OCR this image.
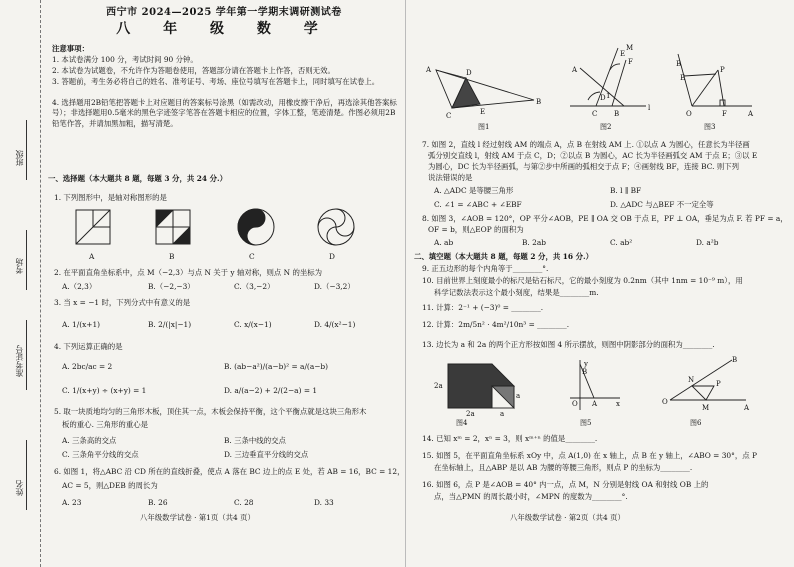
班级
考场
准考证号
姓名
西宁市 2024—2025 学年第一学期末调研测试卷
八 年 级 数 学
注意事项：
1. 本试卷满分 100 分，考试时间 90 分钟。
2. 本试卷为试题卷，不允许作为答题卷使用，答题部分请在答题卡上作答，否则无效。
3. 答题前，考生务必将自己的姓名、准考证号、考场、座位号填写在答题卡上，同时填写在试卷上。
4. 选择题用2B铅笔把答题卡上对应题目的答案标号涂黑（如需改动，用橡皮擦干净后，再选涂其他答案标号）；非选择题用0.5毫米的黑色字迹签字笔答在答题卡相应的位置，字体工整，笔迹清楚。作图必须用2B铅笔作答，并请加黑加粗，描写清楚。
一、选择题（本大题共 8 题，每题 3 分，共 24 分.）
1. 下列图形中，是轴对称图形的是
A	B	C	D
2. 在平面直角坐标系中，点 M（−2,3）与点 N 关于 y 轴对称，则点 N 的坐标为
A.（2,3）	B.（−2,−3）	C.（3,−2）	D.（−3,2）
3. 当 x = −1 时，下列分式中有意义的是
A. 1/(x+1)	B. 2/(|x|−1)	C. x/(x−1)	D. 4/(x²−1)
4. 下列运算正确的是
A. 2bc/ac = 2	B. (ab−a²)/(a−b)² = a/(a−b)
C. 1/(x+y) ÷ (x+y) = 1	D. a/(a−2) + 2/(2−a) = 1
5. 取一块质地均匀的三角形木板，顶住其一点，木板会保持平衡，这个平衡点就是这块三角形木
板的重心. 三角形的重心是
A. 三条高的交点	B. 三条中线的交点
C. 三条角平分线的交点	D. 三边垂直平分线的交点
6. 如图 1，将△ABC 沿 CD 所在的直线折叠，使点 A 落在 BC 边上的点 E 处，若 AB = 16，BC = 12，
AC = 5，则△DEB 的周长为
A. 23	B. 26	C. 28	D. 33
八年级数学试卷 · 第1页（共4 页）
A	D
C	E
B
A
C
D
B
E
M
F
l
1
B
E
P
O	F	A
图1	图2	图3
7. 如图 2，直线 l 经过射线 AM 的端点 A，点 B 在射线 AM 上. ①以点 A 为圆心，任意长为半径画
弧分别交直线 l，射线 AM 于点 C，D；②以点 B 为圆心，AC 长为半径画弧交 AM 于点 E；③以 E
为圆心，DC 长为半径画弧，与第②步中所画的弧相交于点 F；④画射线 BF，连接 BC. 则下列
说法错误的是
A. △ADC 是等腰三角形	B. l ∥ BF
C. ∠1 = ∠ABC + ∠EBF	D. △ADC 与△BEF 不一定全等
8. 如图 3，∠AOB = 120°，OP 平分∠AOB，PE ∥ OA 交 OB 于点 E，PF ⊥ OA，垂足为点 F. 若 PF = a，
OF = b，则△EOP 的面积为
A. ab	B. 2ab	C. ab²	D. a²b
二、填空题（本大题共 8 题，每题 2 分，共 16 分.）
9. 正五边形的每个内角等于________°.
10. 目前世界上刻度最小的标尺是钻石标尺，它的最小刻度为 0.2nm（其中 1nm = 10⁻⁹ m），用
科学记数法表示这个最小刻度，结果是________m.
11. 计算：2⁻¹ + (−3)⁰ = ________.
12. 计算：2m/5n² · 4m²/10n³ = ________.
13. 边长为 a 和 2a 的两个正方形按如图 4 所示摆放，则图中阴影部分的面积为________.
2a
2a
a
a
y
B
O A	x	O
N	P
M	A
B
图4	图5	图6
14. 已知 xᵐ = 2，xⁿ = 3，则 xᵐ⁺ⁿ 的值是________.
15. 如图 5，在平面直角坐标系 xOy 中，点 A(1,0) 在 x 轴上，点 B 在 y 轴上，∠ABO = 30°，点 P
在坐标轴上，且△ABP 是以 AB 为腰的等腰三角形，则点 P 的坐标为________.
16. 如图 6，点 P 是∠AOB = 40° 内一点，点 M，N 分别是射线 OA 和射线 OB 上的
点，当△PMN 的周长最小时，∠MPN 的度数为________°.
八年级数学试卷 · 第2页（共4 页）
